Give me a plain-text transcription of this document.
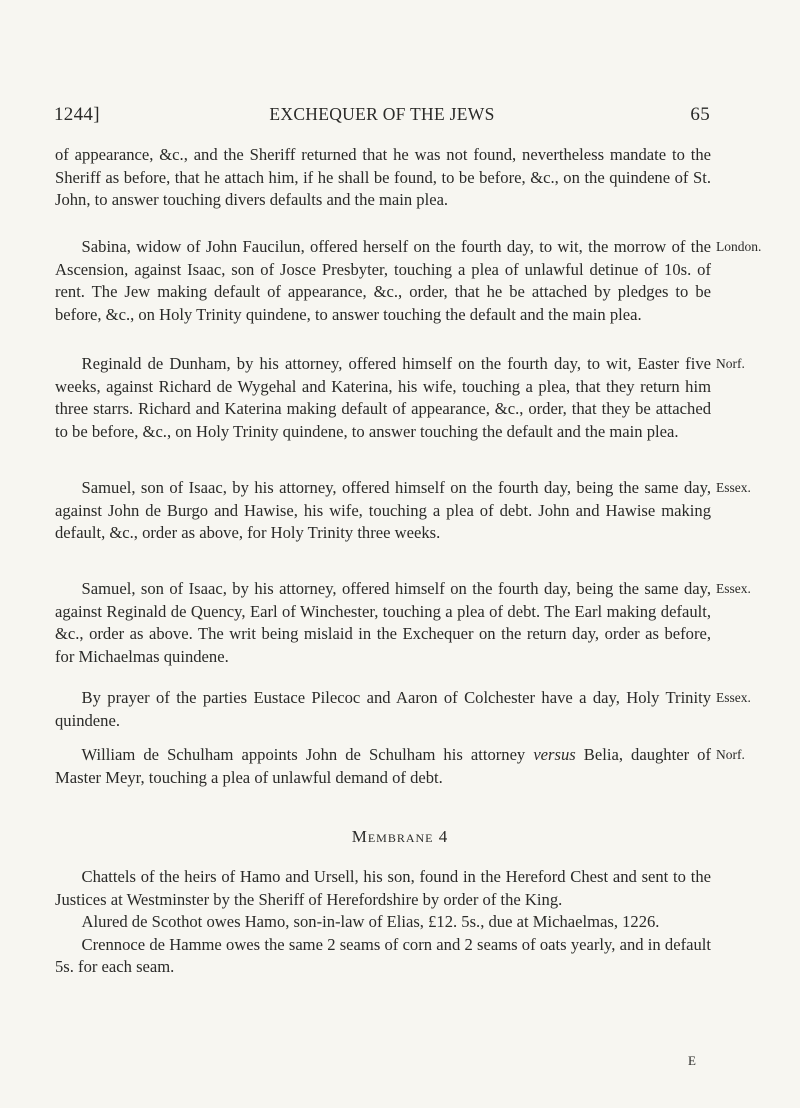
1244]	EXCHEQUER OF THE JEWS	65
of appearance, &c., and the Sheriff returned that he was not found, nevertheless mandate to the Sheriff as before, that he attach him, if he shall be found, to be before, &c., on the quindene of St. John, to answer touching divers defaults and the main plea.
Sabina, widow of John Faucilun, offered herself on the fourth day, to wit, the morrow of the Ascension, against Isaac, son of Josce Presbyter, touching a plea of unlawful detinue of 10s. of rent. The Jew making default of appearance, &c., order, that he be attached by pledges to be before, &c., on Holy Trinity quindene, to answer touching the default and the main plea.
London.
Reginald de Dunham, by his attorney, offered himself on the fourth day, to wit, Easter five weeks, against Richard de Wygehal and Katerina, his wife, touching a plea, that they return him three starrs. Richard and Katerina making default of appearance, &c., order, that they be attached to be before, &c., on Holy Trinity quindene, to answer touching the default and the main plea.
Norf.
Samuel, son of Isaac, by his attorney, offered himself on the fourth day, being the same day, against John de Burgo and Hawise, his wife, touching a plea of debt. John and Hawise making default, &c., order as above, for Holy Trinity three weeks.
Essex.
Samuel, son of Isaac, by his attorney, offered himself on the fourth day, being the same day, against Reginald de Quency, Earl of Winchester, touching a plea of debt. The Earl making default, &c., order as above. The writ being mislaid in the Exchequer on the return day, order as before, for Michaelmas quindene.
Essex.
By prayer of the parties Eustace Pilecoc and Aaron of Colchester have a day, Holy Trinity quindene.
Essex.
William de Schulham appoints John de Schulham his attorney versus Belia, daughter of Master Meyr, touching a plea of unlawful demand of debt.
Norf.
Membrane 4
Chattels of the heirs of Hamo and Ursell, his son, found in the Hereford Chest and sent to the Justices at Westminster by the Sheriff of Herefordshire by order of the King.
Alured de Scothot owes Hamo, son-in-law of Elias, £12. 5s., due at Michaelmas, 1226.
Crennoce de Hamme owes the same 2 seams of corn and 2 seams of oats yearly, and in default 5s. for each seam.
E
